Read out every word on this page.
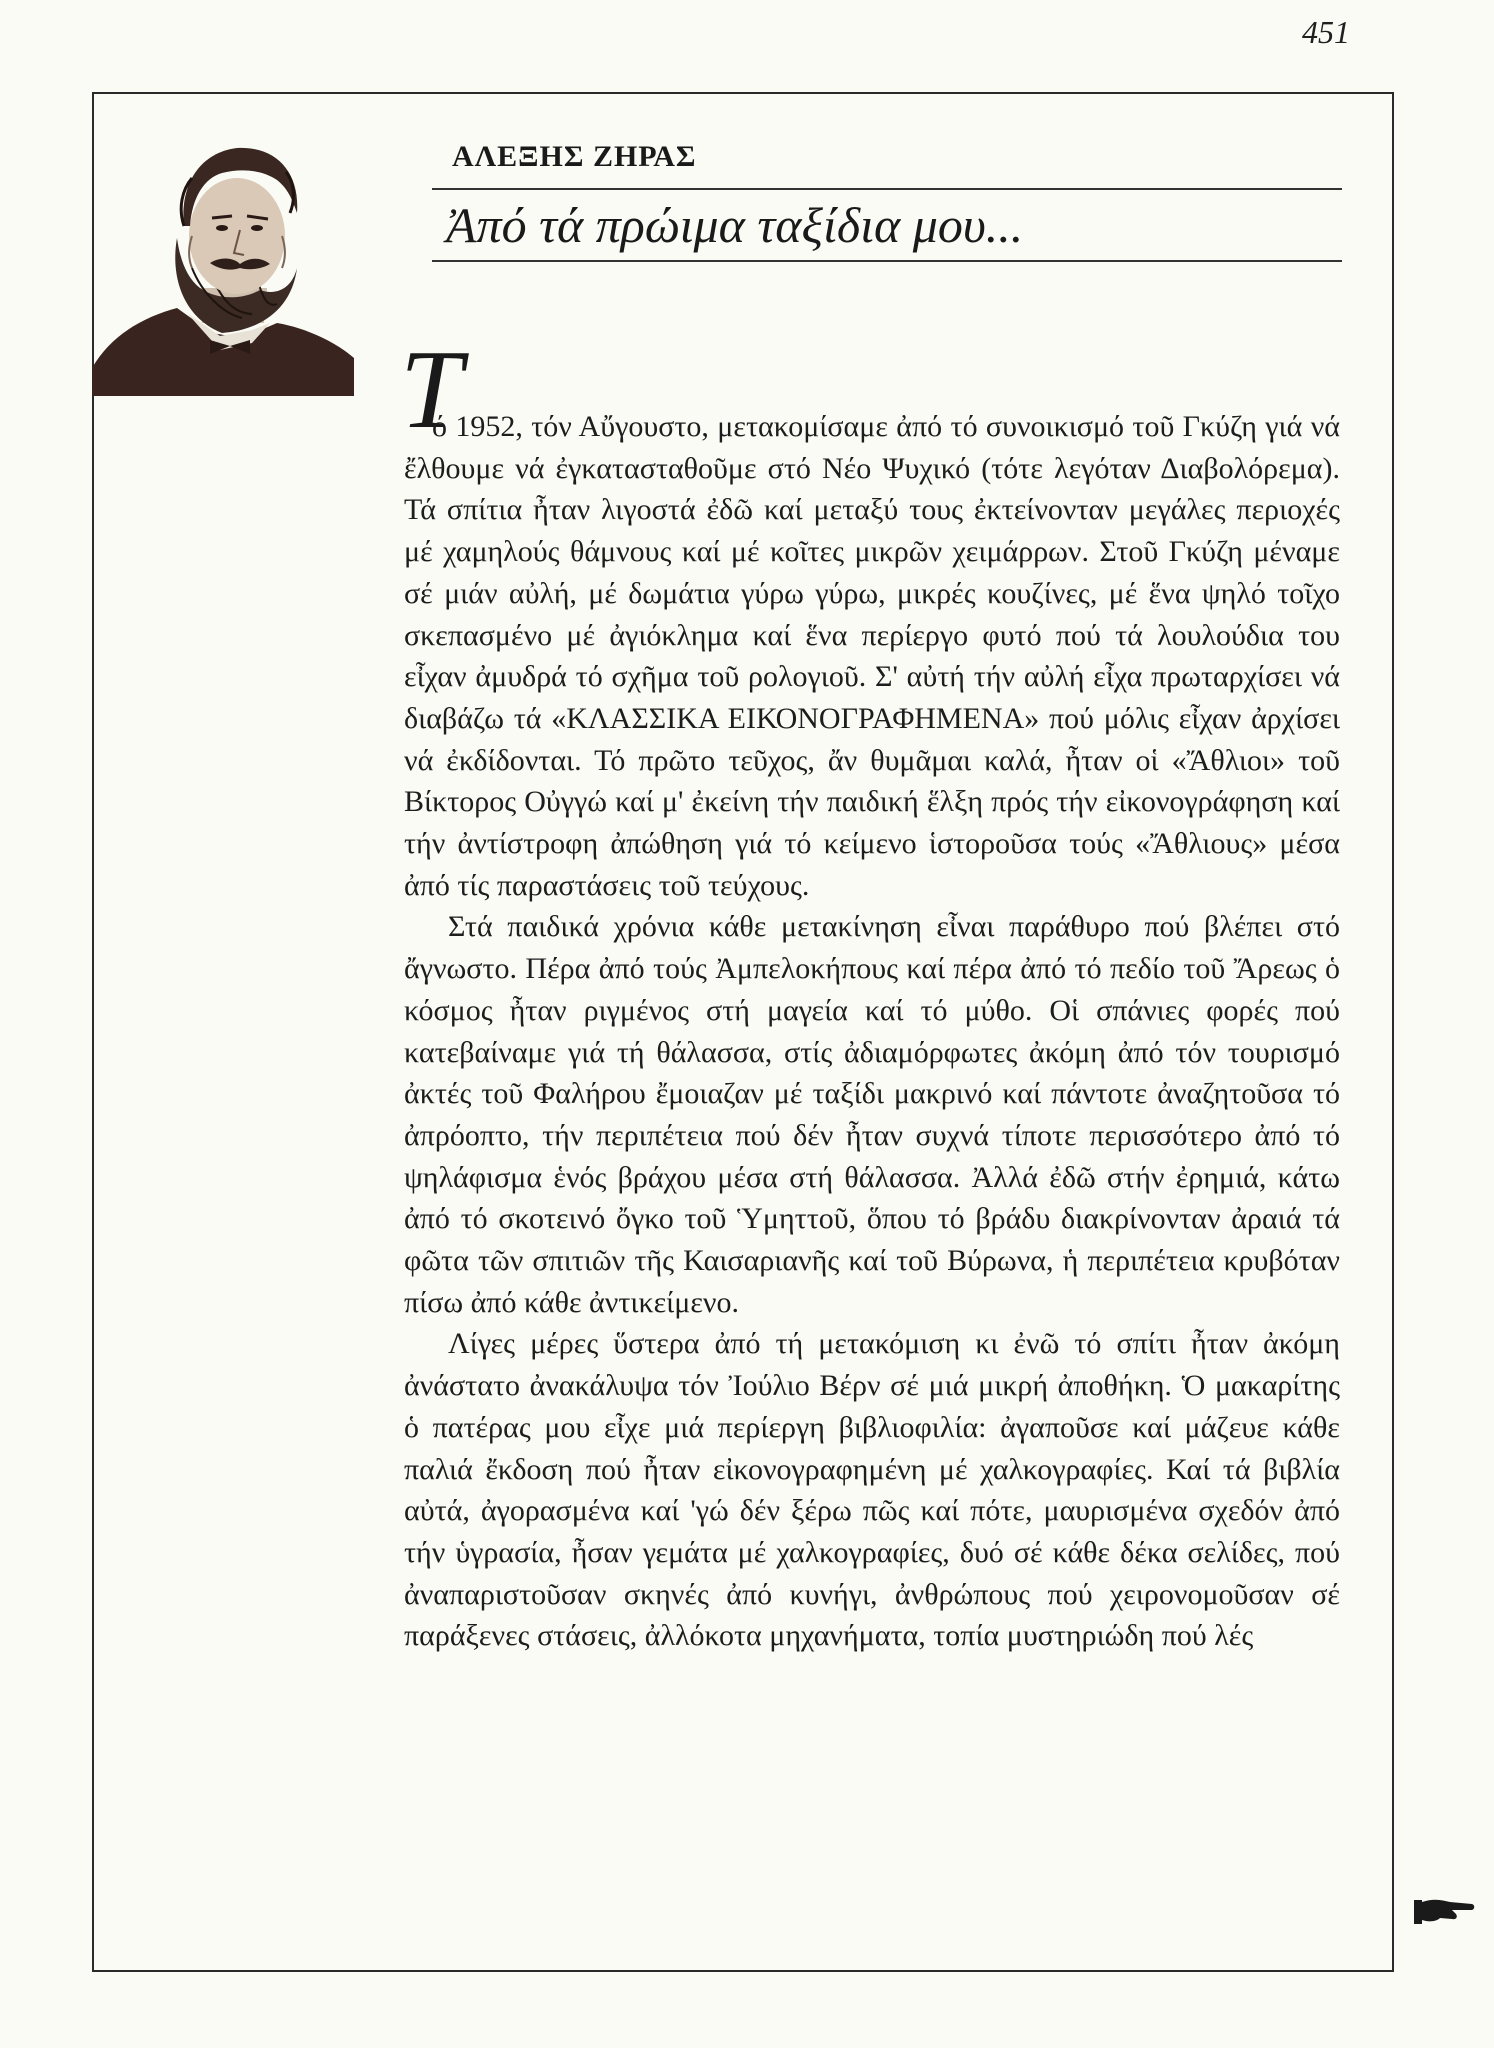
451
ΑΛΕΞΗΣ ΖΗΡΑΣ
Ἀπό τά πρώιμα ταξίδια μου...
Τ

ό 1952, τόν Αὔγουστο, μετακομίσαμε ἀπό τό συνοικισμό τοῦ Γκύζη γιά νά ἔλθουμε νά ἐγκατασταθοῦμε στό Νέο Ψυχικό (τότε λεγόταν Διαβολόρεμα). Τά σπίτια ἦταν λιγοστά ἐδῶ καί μεταξύ τους ἐκτείνονταν μεγάλες περιοχές μέ χαμηλούς θάμνους καί μέ κοῖτες μικρῶν χειμάρρων. Στοῦ Γκύζη μέναμε σέ μιάν αὐλή, μέ δωμάτια γύρω γύρω, μικρές κουζίνες, μέ ἕνα ψηλό τοῖχο σκεπασμένο μέ ἀγιόκλημα καί ἕνα περίεργο φυτό πού τά λουλούδια του εἶχαν ἀμυδρά τό σχῆμα τοῦ ρολογιοῦ. Σ' αὐτή τήν αὐλή εἶχα πρωταρχίσει νά διαβάζω τά «ΚΛΑΣΣΙΚΑ ΕΙΚΟΝΟΓΡΑΦΗΜΕΝΑ» πού μόλις εἶχαν ἀρχίσει νά ἐκδίδονται. Τό πρῶτο τεῦχος, ἄν θυμᾶμαι καλά, ἦταν οἱ «Ἄθλιοι» τοῦ Βίκτορος Οὐγγώ καί μ' ἐκείνη τήν παιδική ἕλξη πρός τήν εἰκονογράφηση καί τήν ἀντίστροφη ἀπώθηση γιά τό κείμενο ἱστοροῦσα τούς «Ἄθλιους» μέσα ἀπό τίς παραστάσεις τοῦ τεύχους.

Στά παιδικά χρόνια κάθε μετακίνηση εἶναι παράθυρο πού βλέπει στό ἄγνωστο. Πέρα ἀπό τούς Ἀμπελοκήπους καί πέρα ἀπό τό πεδίο τοῦ Ἄρεως ὁ κόσμος ἦταν ριγμένος στή μαγεία καί τό μύθο. Οἱ σπάνιες φορές πού κατεβαίναμε γιά τή θάλασσα, στίς ἀδιαμόρφωτες ἀκόμη ἀπό τόν τουρισμό ἀκτές τοῦ Φαλήρου ἔμοιαζαν μέ ταξίδι μακρινό καί πάντοτε ἀναζητοῦσα τό ἀπρόοπτο, τήν περιπέτεια πού δέν ἦταν συχνά τίποτε περισσότερο ἀπό τό ψηλάφισμα ἑνός βράχου μέσα στή θάλασσα. Ἀλλά ἐδῶ στήν ἐρημιά, κάτω ἀπό τό σκοτεινό ὄγκο τοῦ Ὑμηττοῦ, ὅπου τό βράδυ διακρίνονταν ἀραιά τά φῶτα τῶν σπιτιῶν τῆς Καισαριανῆς καί τοῦ Βύρωνα, ἡ περιπέτεια κρυβόταν πίσω ἀπό κάθε ἀντικείμενο.

Λίγες μέρες ὕστερα ἀπό τή μετακόμιση κι ἐνῶ τό σπίτι ἦταν ἀκόμη ἀνάστατο ἀνακάλυψα τόν Ἰούλιο Βέρν σέ μιά μικρή ἀποθήκη. Ὁ μακαρίτης ὁ πατέρας μου εἶχε μιά περίεργη βιβλιοφιλία: ἀγαποῦσε καί μάζευε κάθε παλιά ἔκδοση πού ἦταν εἰκονογραφημένη μέ χαλκογραφίες. Καί τά βιβλία αὐτά, ἀγορασμένα καί 'γώ δέν ξέρω πῶς καί πότε, μαυρισμένα σχεδόν ἀπό τήν ὑγρασία, ἦσαν γεμάτα μέ χαλκογραφίες, δυό σέ κάθε δέκα σελίδες, πού ἀναπαριστοῦσαν σκηνές ἀπό κυνήγι, ἀνθρώπους πού χειρονομοῦσαν σέ παράξενες στάσεις, ἀλλόκοτα μηχανήματα, τοπία μυστηριώδη πού λές
